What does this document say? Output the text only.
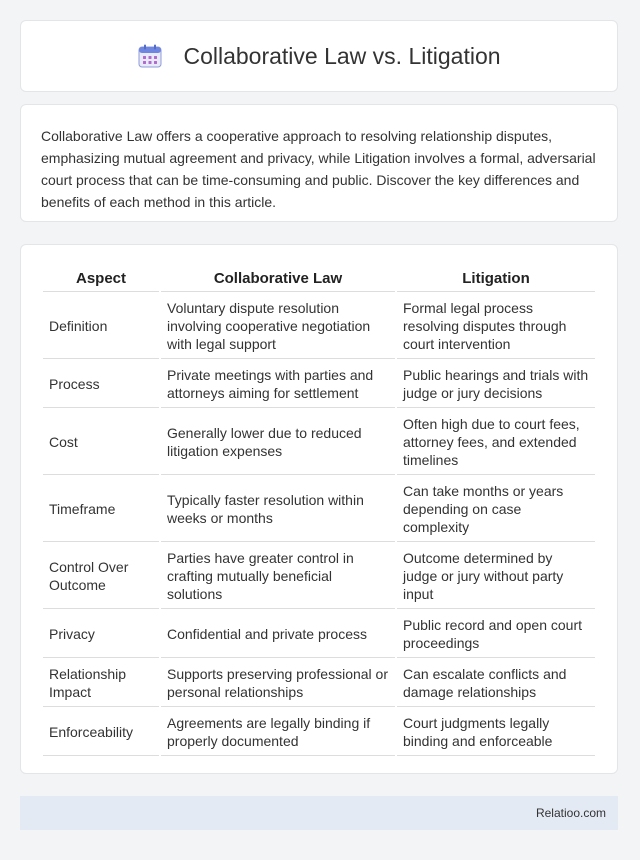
Collaborative Law vs. Litigation

Collaborative Law offers a cooperative approach to resolving relationship disputes, emphasizing mutual agreement and privacy, while Litigation involves a formal, adversarial court process that can be time-consuming and public. Discover the key differences and benefits of each method in this article.

Aspect	Collaborative Law	Litigation
Definition	Voluntary dispute resolution involving cooperative negotiation with legal support	Formal legal process resolving disputes through court intervention
Process	Private meetings with parties and attorneys aiming for settlement	Public hearings and trials with judge or jury decisions
Cost	Generally lower due to reduced litigation expenses	Often high due to court fees, attorney fees, and extended timelines
Timeframe	Typically faster resolution within weeks or months	Can take months or years depending on case complexity
Control Over Outcome	Parties have greater control in crafting mutually beneficial solutions	Outcome determined by judge or jury without party input
Privacy	Confidential and private process	Public record and open court proceedings
Relationship Impact	Supports preserving professional or personal relationships	Can escalate conflicts and damage relationships
Enforceability	Agreements are legally binding if properly documented	Court judgments legally binding and enforceable
Relatioo.com
